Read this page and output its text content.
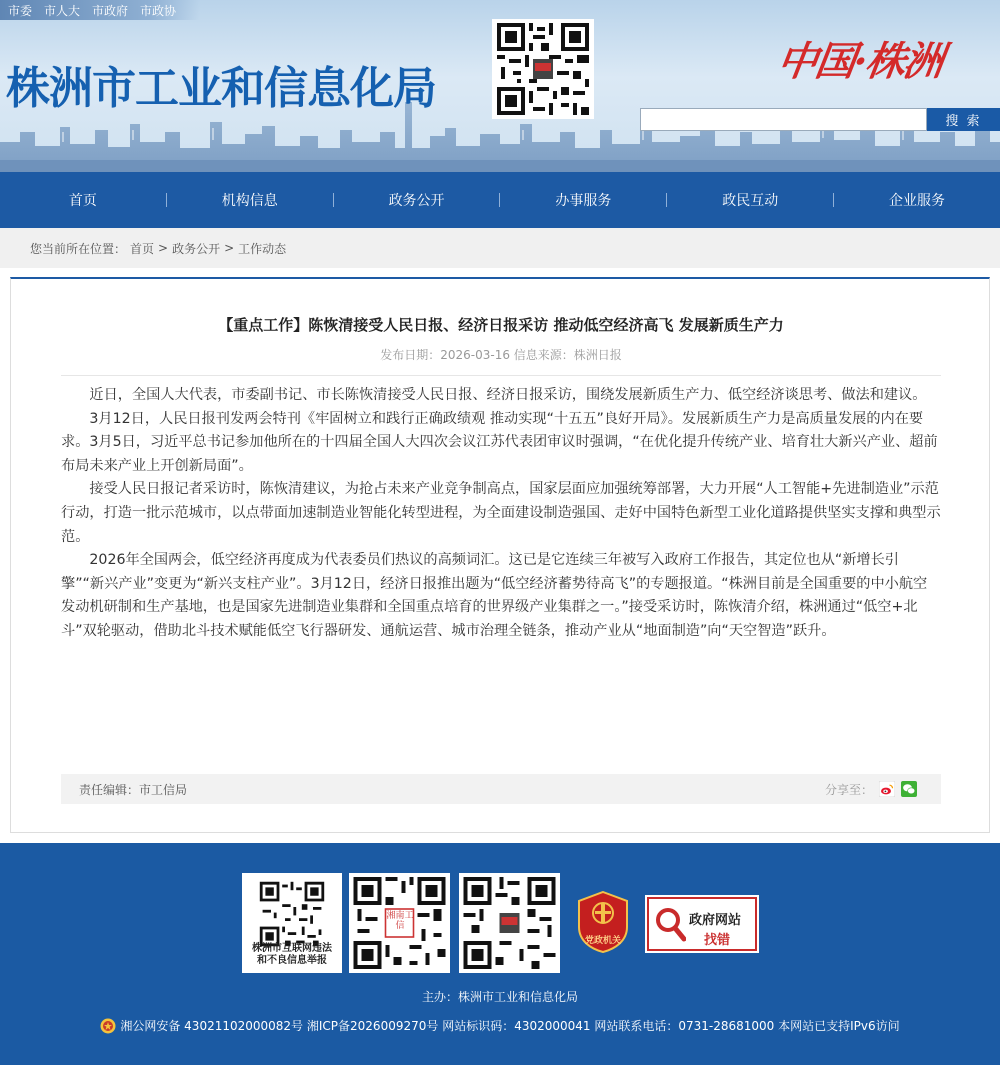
市委 市人大 市政府 市政协
株洲市工业和信息化局
中国·株洲
搜 索
首页	机构信息	政务公开	办事服务	政民互动	企业服务
您当前所在位置： 首页 > 政务公开 > 工作动态
【重点工作】陈恢清接受人民日报、经济日报采访 推动低空经济高飞 发展新质生产力
发布日期：2026-03-16 信息来源：株洲日报

近日，全国人大代表，市委副书记、市长陈恢清接受人民日报、经济日报采访，围绕发展新质生产力、低空经济谈思考、做法和建议。

3月12日，人民日报刊发两会特刊《牢固树立和践行正确政绩观 推动实现“十五五”良好开局》。发展新质生产力是高质量发展的内在要求。3月5日，习近平总书记参加他所在的十四届全国人大四次会议江苏代表团审议时强调，“在优化提升传统产业、培育壮大新兴产业、超前布局未来产业上开创新局面”。

接受人民日报记者采访时，陈恢清建议，为抢占未来产业竞争制高点，国家层面应加强统筹部署，大力开展“人工智能+先进制造业”示范行动，打造一批示范城市，以点带面加速制造业智能化转型进程，为全面建设制造强国、走好中国特色新型工业化道路提供坚实支撑和典型示范。

2026年全国两会，低空经济再度成为代表委员们热议的高频词汇。这已是它连续三年被写入政府工作报告，其定位也从“新增长引擎”“新兴产业”变更为“新兴支柱产业”。3月12日，经济日报推出题为“低空经济蓄势待高飞”的专题报道。“株洲目前是全国重要的中小航空发动机研制和生产基地，也是国家先进制造业集群和全国重点培育的世界级产业集群之一。”接受采访时，陈恢清介绍，株洲通过“低空+北斗”双轮驱动，借助北斗技术赋能低空飞行器研发、通航运营、城市治理全链条，推动产业从“地面制造”向“天空智造”跃升。

责任编辑：市工信局	分享至：
株洲市互联网违法
和不良信息举报
湘南工信
党政机关
政府网站
找错
主办：株洲市工业和信息化局
湘公网安备 43021102000082号 湘ICP备2026009270号 网站标识码：4302000041 网站联系电话：0731-28681000 本网站已支持IPv6访问
